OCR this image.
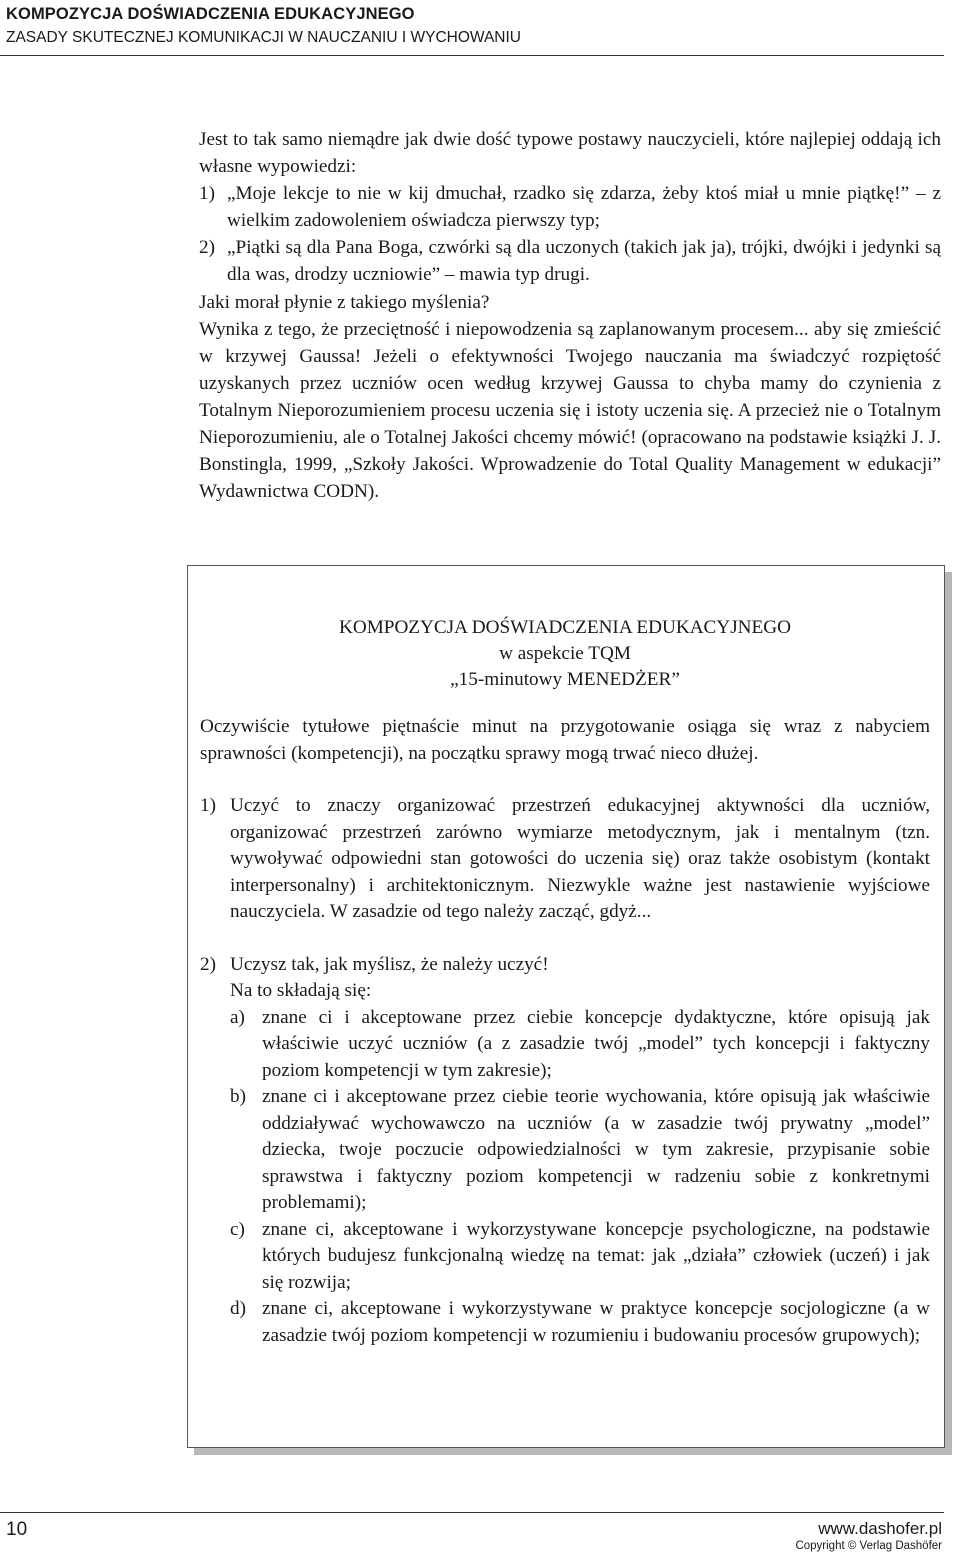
KOMPOZYCJA DOŚWIADCZENIA EDUKACYJNEGO
ZASADY SKUTECZNEJ KOMUNIKACJI W NAUCZANIU I WYCHOWANIU

Jest to tak samo niemądre jak dwie dość typowe postawy nauczycieli, które najlepiej oddają ich własne wypowiedzi:

1) „Moje lekcje to nie w kij dmuchał, rzadko się zdarza, żeby ktoś miał u mnie piątkę!” – z wielkim zadowoleniem oświadcza pierwszy typ;

2) „Piątki są dla Pana Boga, czwórki są dla uczonych (takich jak ja), trójki, dwójki i jedynki są dla was, drodzy uczniowie” – mawia typ drugi.

Jaki morał płynie z takiego myślenia?

Wynika z tego, że przeciętność i niepowodzenia są zaplanowanym procesem... aby się zmieścić w krzywej Gaussa! Jeżeli o efektywności Twojego nauczania ma świadczyć rozpiętość uzyskanych przez uczniów ocen według krzywej Gaussa to chyba mamy do czynienia z Totalnym Nieporozumieniem procesu uczenia się i istoty uczenia się. A przecież nie o Totalnym Nieporozumieniu, ale o Totalnej Jakości chcemy mówić! (opracowano na podstawie książki J. J. Bonstingla, 1999, „Szkoły Jakości. Wprowadzenie do Total Quality Management w edukacji” Wydawnictwa CODN).

KOMPOZYCJA DOŚWIADCZENIA EDUKACYJNEGO
w aspekcie TQM
„15-minutowy MENEDŻER”
Oczywiście tytułowe piętnaście minut na przygotowanie osiąga się wraz z nabyciem sprawności (kompetencji), na początku sprawy mogą trwać nieco dłużej.
1) Uczyć to znaczy organizować przestrzeń edukacyjnej aktywności dla uczniów, organizować przestrzeń zarówno wymiarze metodycznym, jak i mentalnym (tzn. wywoływać odpowiedni stan gotowości do uczenia się) oraz także osobistym (kontakt interpersonalny) i architektonicznym. Niezwykle ważne jest nastawienie wyjściowe nauczyciela. W zasadzie od tego należy zacząć, gdyż...
2) Uczysz tak, jak myślisz, że należy uczyć!
Na to składają się:
a) znane ci i akceptowane przez ciebie koncepcje dydaktyczne, które opisują jak właściwie uczyć uczniów (a z zasadzie twój „model” tych koncepcji i faktyczny poziom kompetencji w tym zakresie);
b) znane ci i akceptowane przez ciebie teorie wychowania, które opisują jak właściwie oddziaływać wychowawczo na uczniów (a w zasadzie twój prywatny „model” dziecka, twoje poczucie odpowiedzialności w tym zakresie, przypisanie sobie sprawstwa i faktyczny poziom kompetencji w radzeniu sobie z konkretnymi problemami);
c) znane ci, akceptowane i wykorzystywane koncepcje psychologiczne, na podstawie których budujesz funkcjonalną wiedzę na temat: jak „działa” człowiek (uczeń) i jak się rozwija;
d) znane ci, akceptowane i wykorzystywane w praktyce koncepcje socjologiczne (a w zasadzie twój poziom kompetencji w rozumieniu i budowaniu procesów grupowych);
10	www.dashofer.pl
Copyright © Verlag Dashöfer
